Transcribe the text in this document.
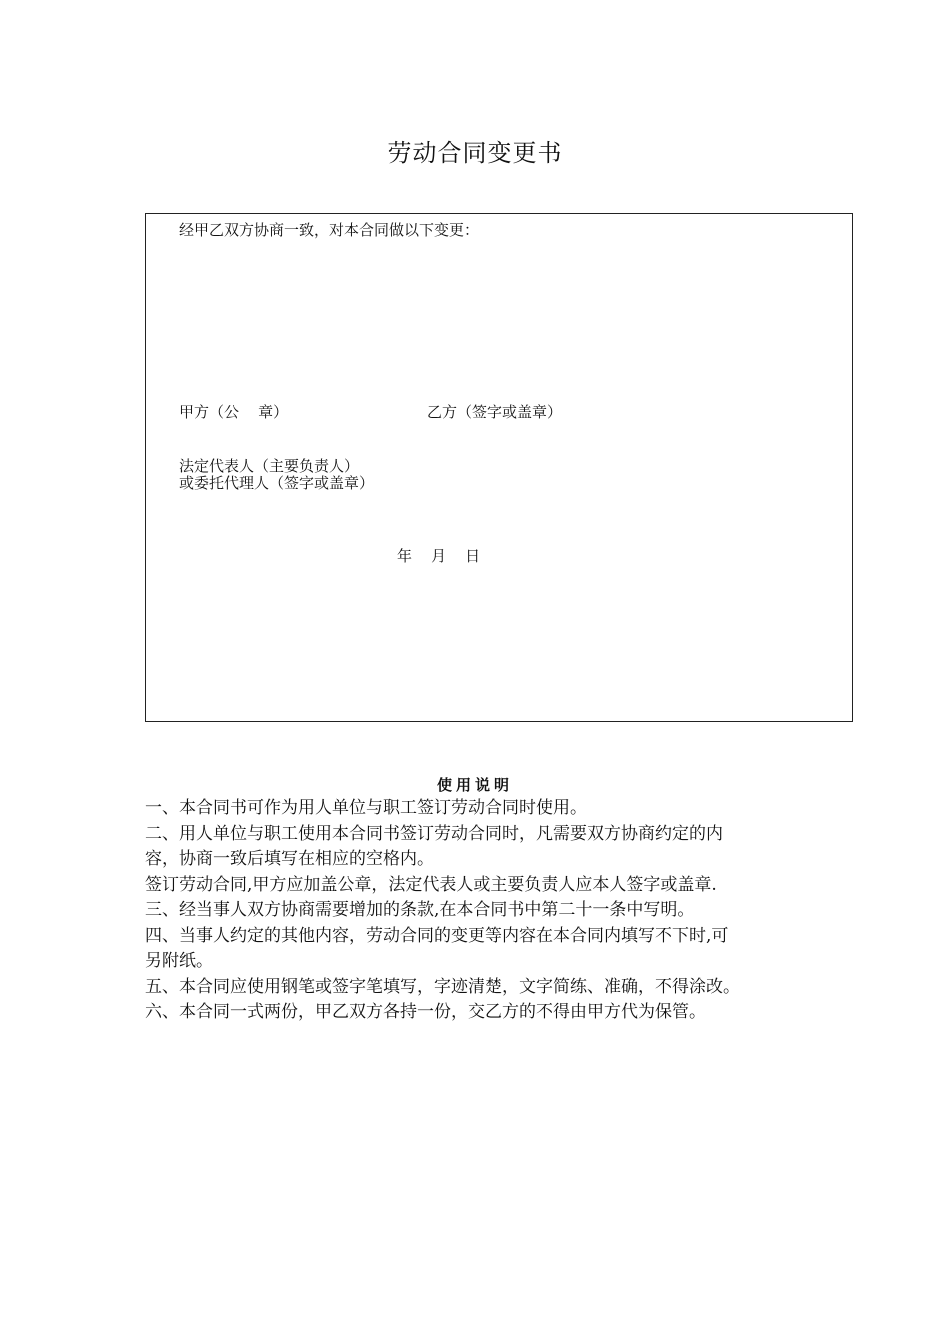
劳动合同变更书
经甲乙双方协商一致，对本合同做以下变更：
甲方（公    章）	乙方（签字或盖章）
法定代表人（主要负责人）
或委托代理人（签字或盖章）
年    月    日
使用说明
一、本合同书可作为用人单位与职工签订劳动合同时使用。
二、用人单位与职工使用本合同书签订劳动合同时，凡需要双方协商约定的内
容，协商一致后填写在相应的空格内。
签订劳动合同,甲方应加盖公章，法定代表人或主要负责人应本人签字或盖章.
三、经当事人双方协商需要增加的条款,在本合同书中第二十一条中写明。
四、当事人约定的其他内容，劳动合同的变更等内容在本合同内填写不下时,可
另附纸。
五、本合同应使用钢笔或签字笔填写，字迹清楚，文字简练、准确，不得涂改。
六、本合同一式两份，甲乙双方各持一份，交乙方的不得由甲方代为保管。
